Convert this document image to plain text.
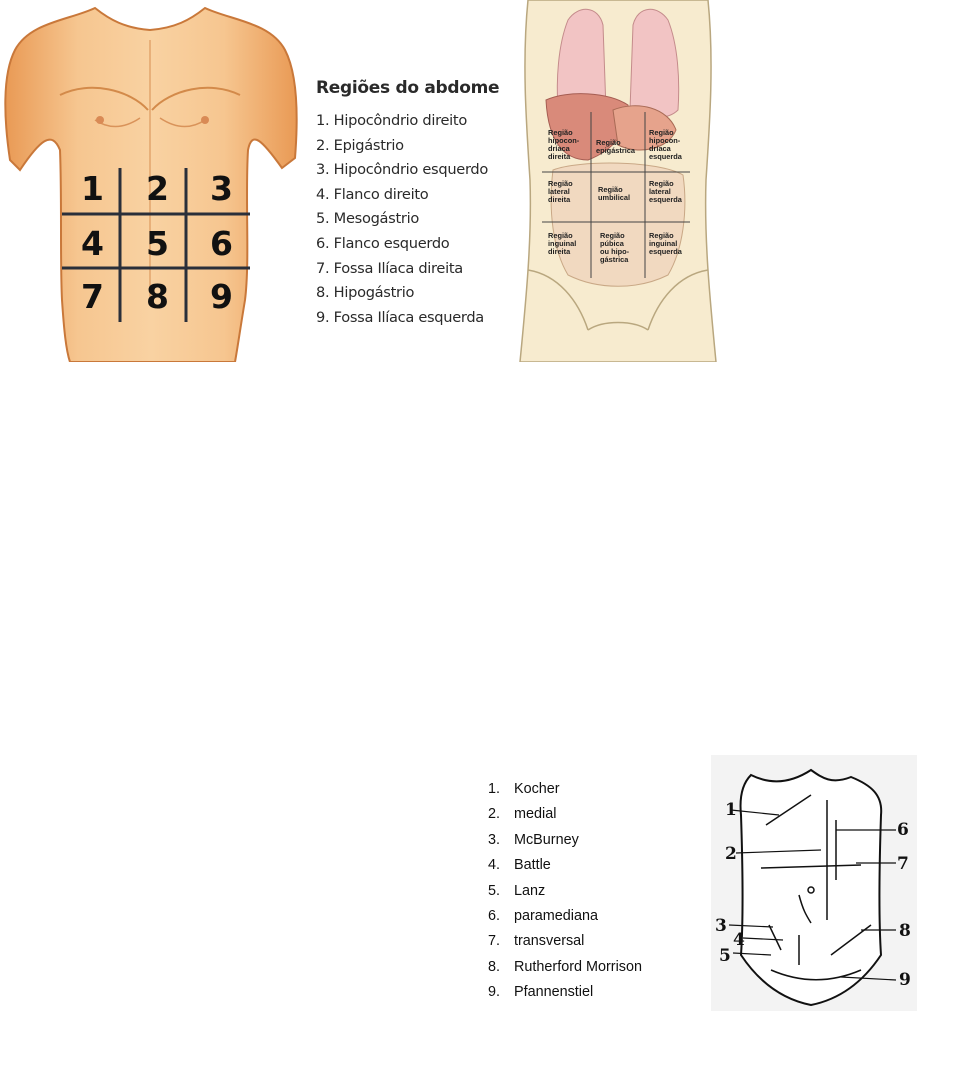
1 2 3
4 5 6
7 8 9
Regiões do abdome
1. Hipocôndrio direito
2. Epigástrio
3. Hipocôndrio esquerdo
4. Flanco direito
5. Mesogástrio
6. Flanco esquerdo
7. Fossa Ilíaca direita
8. Hipogástrio
9. Fossa Ilíaca esquerda
Região hipocon- dríaca direita
Região epigástrica
Região hipocon- dríaca esquerda
Região lateral direita
Região umbilical
Região lateral esquerda
Região inguinal direita
Região púbica ou hipo- gástrica
Região inguinal esquerda
1. Kocher
2. medial
3. McBurney
4. Battle
5. Lanz
6. paramediana
7. transversal
8. Rutherford Morrison
9. Pfannenstiel
1
2
3
4
5
6
7
8
9
